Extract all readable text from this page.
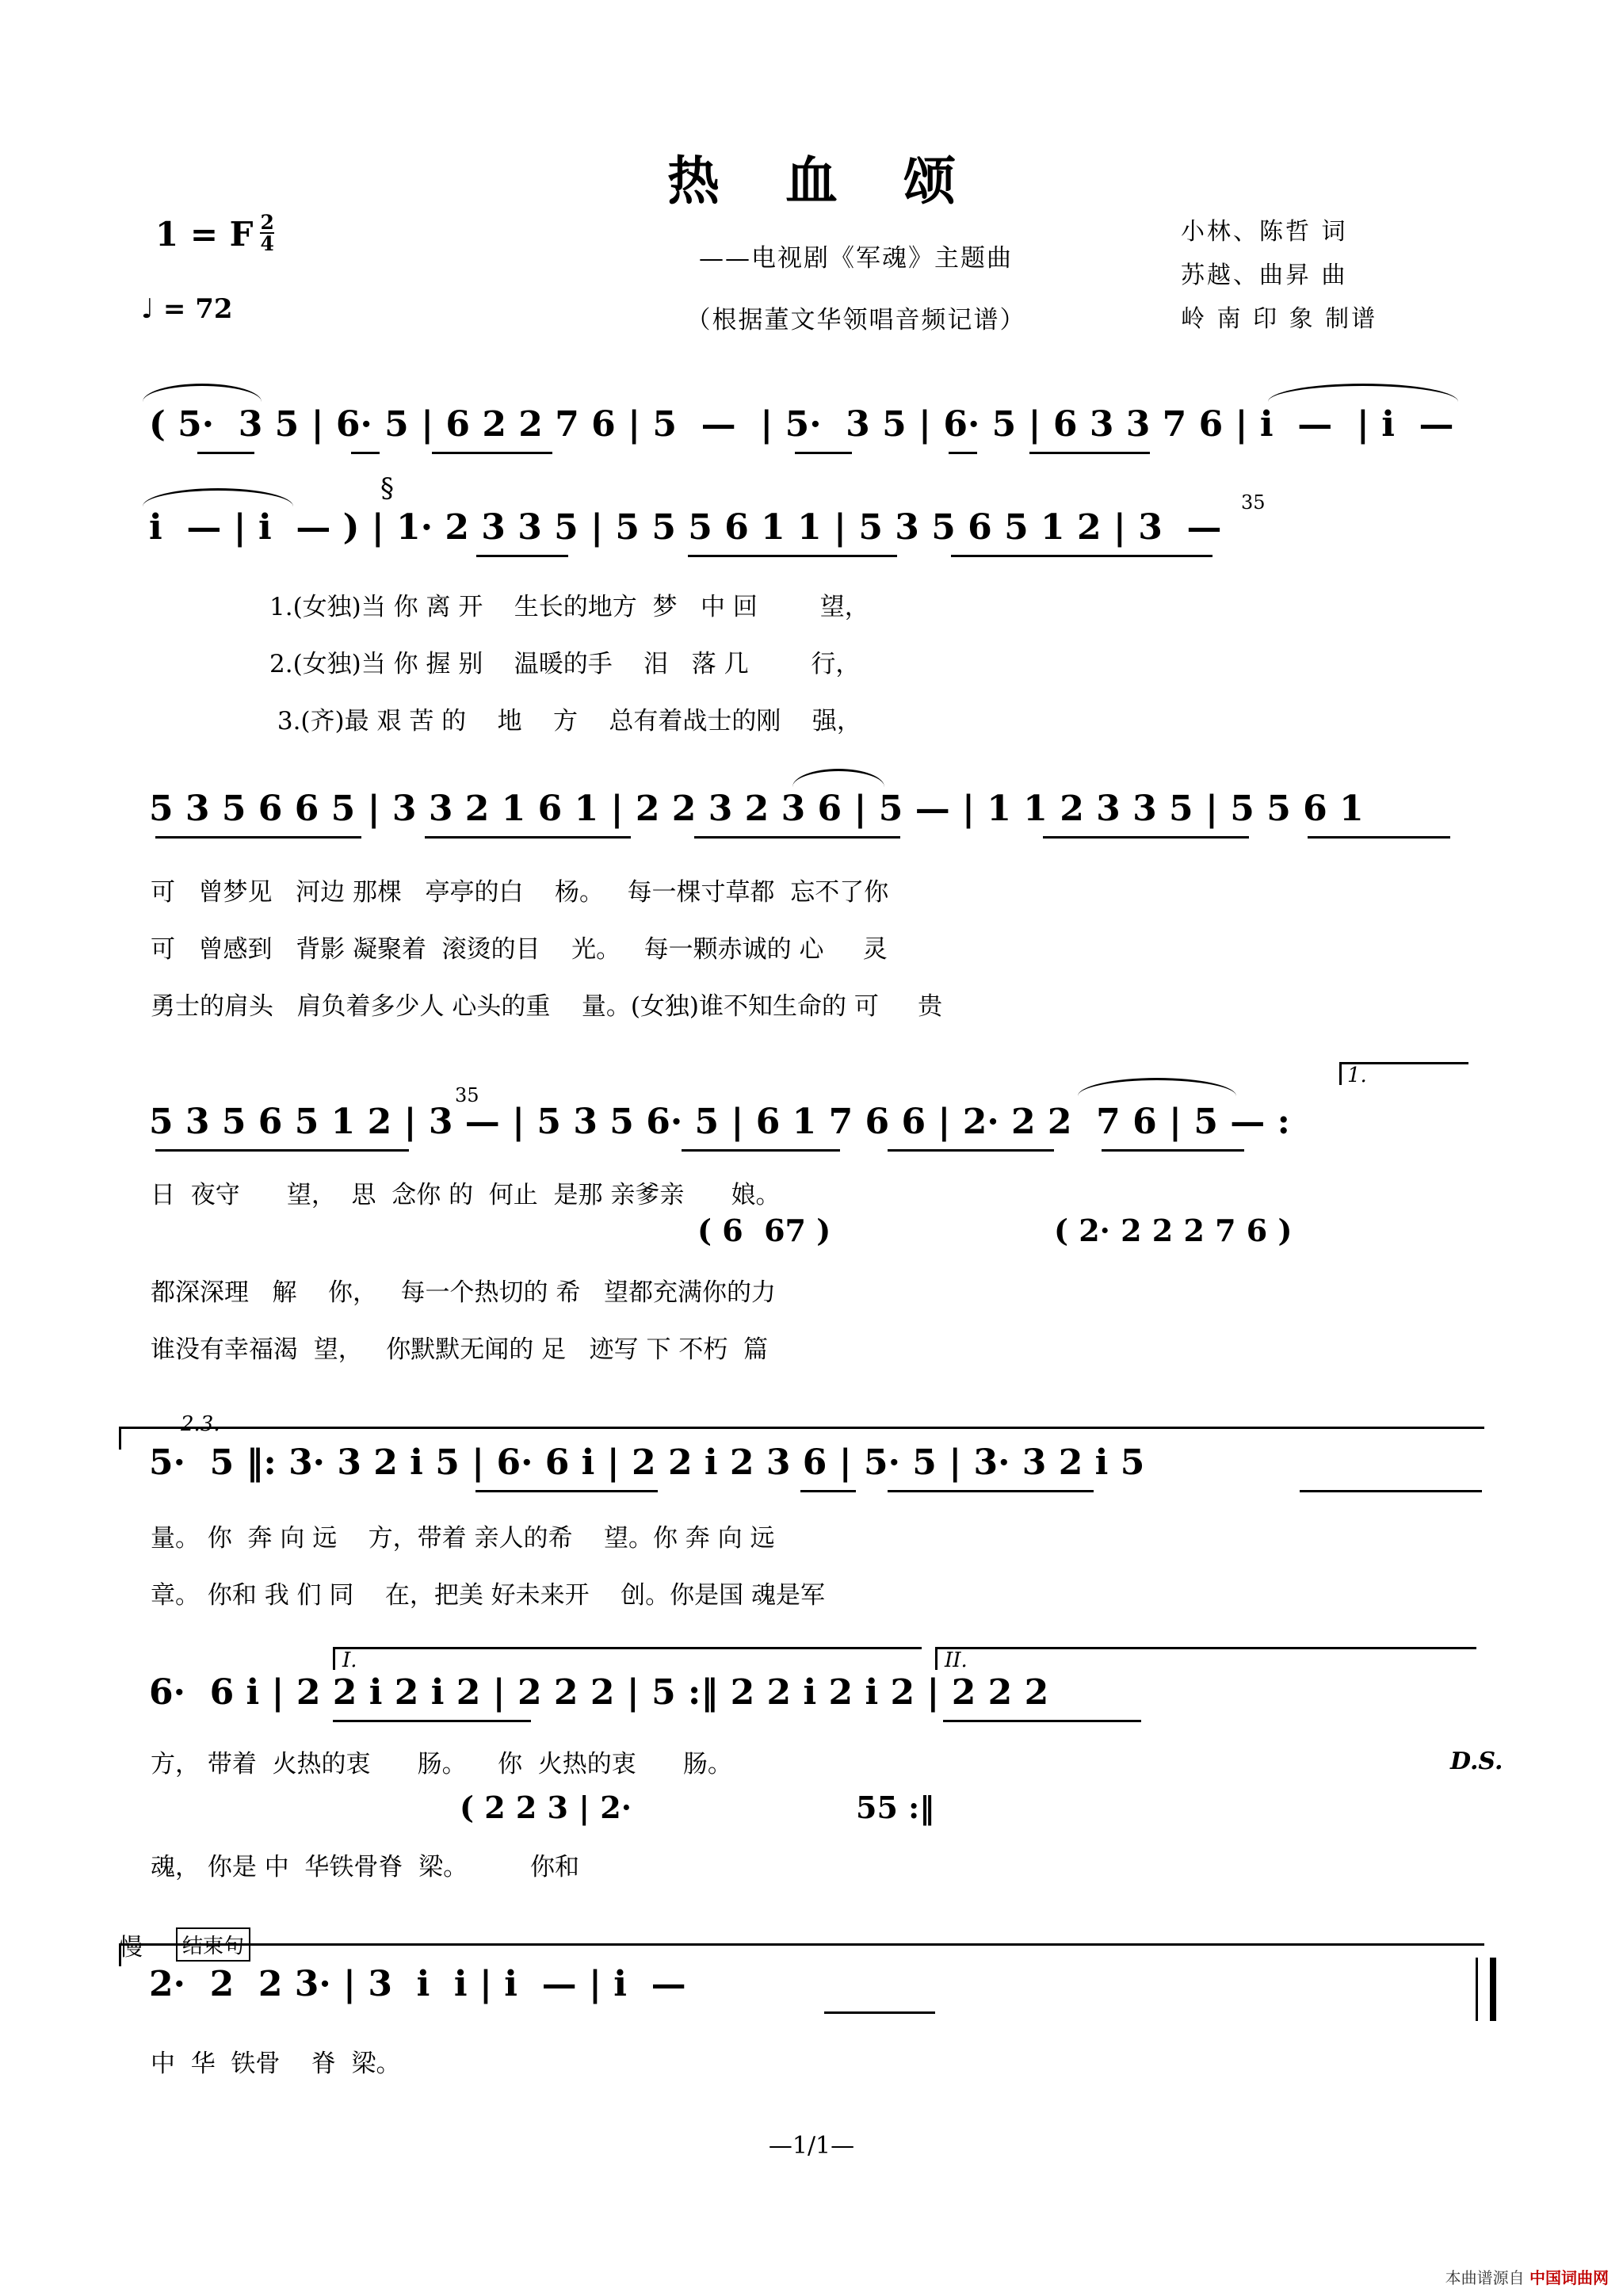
热 血 颂
——电视剧《军魂》主题曲
（根据董文华领唱音频记谱）
1 = F $\frac{2}{4}$
♩ = 72
小林、陈哲 词
苏越、曲昇 曲
岭 南 印 象 制谱
( 5·  3 5 | 6· 5 | 6 2 2 7 6 | 5  —  | 5·  3 5 | 6· 5 | 6 3 3 7 6 | i  —  | i  —
i  — | i  — ) | 1· 2 3 3 5 | 5 5 5 6 1 1 | 5 3 5 6 5 1 2 | 3  —
§	35
1.(女独)当 你 离 开    生长的地方  梦   中 回        望，
2.(女独)当 你 握 别    温暖的手    泪   落 几        行，
3.(齐)最 艰 苦 的    地    方    总有着战士的刚    强，
5 3 5 6 6 5 | 3 3 2 1 6 1 | 2 2 3 2 3 6 | 5 — | 1 1 2 3 3 5 | 5 5 6 1
可   曾梦见   河边 那棵   亭亭的白    杨。   每一棵寸草都  忘不了你
可   曾感到   背影 凝聚着  滚烫的目    光。   每一颗赤诚的 心     灵
勇士的肩头   肩负着多少人 心头的重    量。(女独)谁不知生命的 可     贵
5 3 5 6 5 1 2 | 3 — | 5 3 5 6· 5 | 6 1 7 6 6 | 2· 2 2  7 6 | 5 — :
35
1.
日  夜守      望，  思  念你 的  何止  是那 亲爹亲      娘。
( 6  67 )	( 2· 2 2 2 7 6 )
都深深理   解    你，   每一个热切的 希   望都充满你的力
谁没有幸福渴  望，   你默默无闻的 足   迹写 下 不朽  篇
2.3.
5·  5 ‖: 3· 3 2 i 5 | 6· 6 i | 2 2 i 2 3 6 | 5· 5 | 3· 3 2 i 5
量。 你  奔 向 远    方，带着 亲人的希    望。你 奔 向 远
章。 你和 我 们 同    在，把美 好未来开    创。你是国 魂是军
I.	II.
6·  6 i | 2 2 i 2 i 2 | 2 2 2 | 5 :‖ 2 2 i 2 i 2 | 2 2 2
方， 带着  火热的衷      肠。    你  火热的衷      肠。	D.S.
( 2 2 3 | 2·	55 :‖
魂， 你是 中  华铁骨脊  梁。        你和
慢	结束句
2·  2  2 3· | 3  i  i | i  — | i  —
中  华  铁骨    脊  梁。
—1/1—
本曲谱源自 中国词曲网
